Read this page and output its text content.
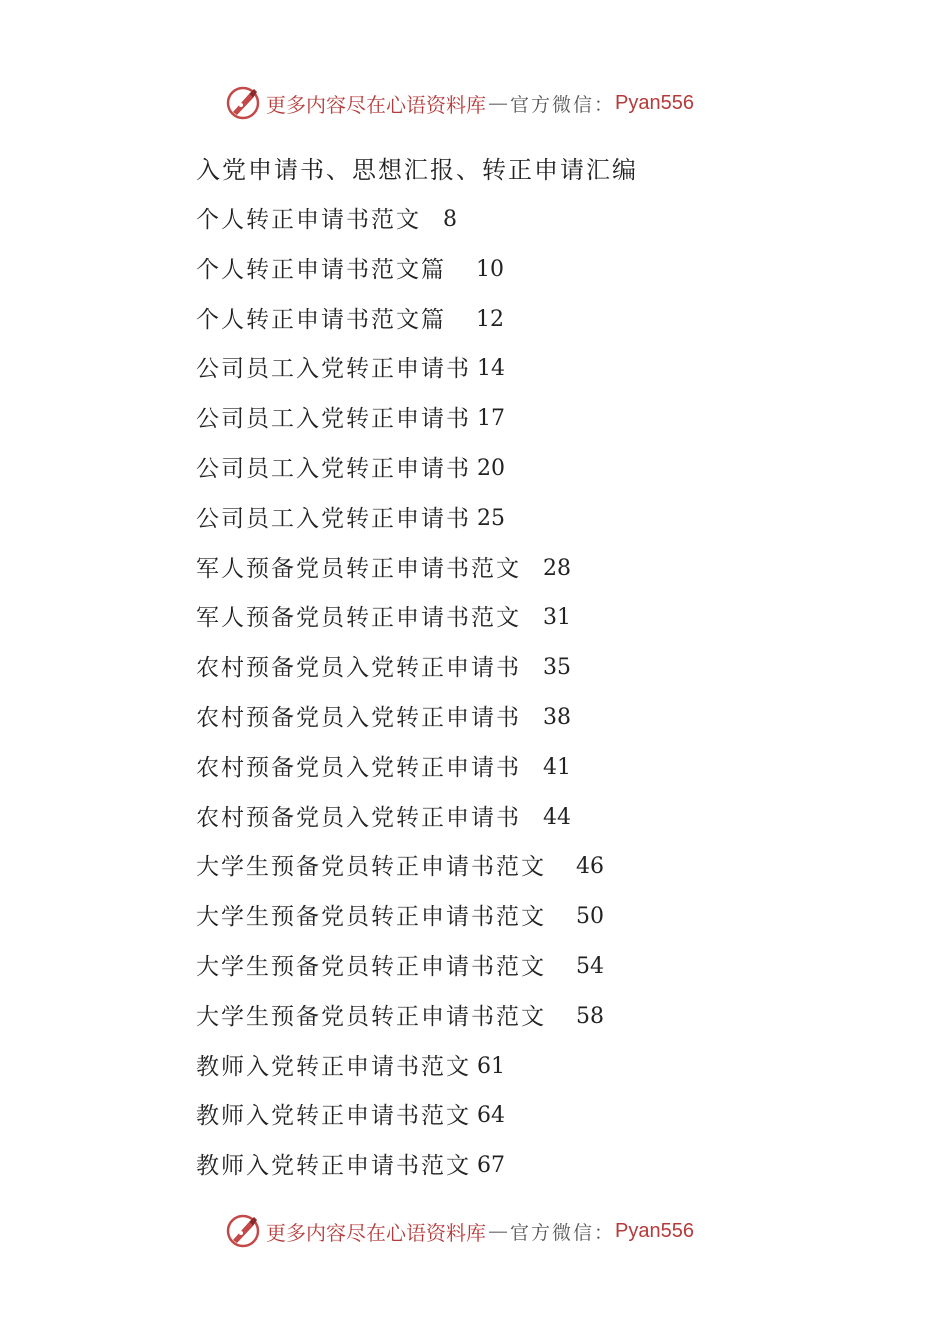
更多内容尽在心语资料库 — 官方微信： Pyan556
入党申请书、思想汇报、转正申请汇编
个人转正申请书范文 8
个人转正申请书范文篇 10
个人转正申请书范文篇 12
公司员工入党转正申请书 14
公司员工入党转正申请书 17
公司员工入党转正申请书 20
公司员工入党转正申请书 25
军人预备党员转正申请书范文 28
军人预备党员转正申请书范文 31
农村预备党员入党转正申请书 35
农村预备党员入党转正申请书 38
农村预备党员入党转正申请书 41
农村预备党员入党转正申请书 44
大学生预备党员转正申请书范文 46
大学生预备党员转正申请书范文 50
大学生预备党员转正申请书范文 54
大学生预备党员转正申请书范文 58
教师入党转正申请书范文 61
教师入党转正申请书范文 64
教师入党转正申请书范文 67
更多内容尽在心语资料库 — 官方微信： Pyan556
